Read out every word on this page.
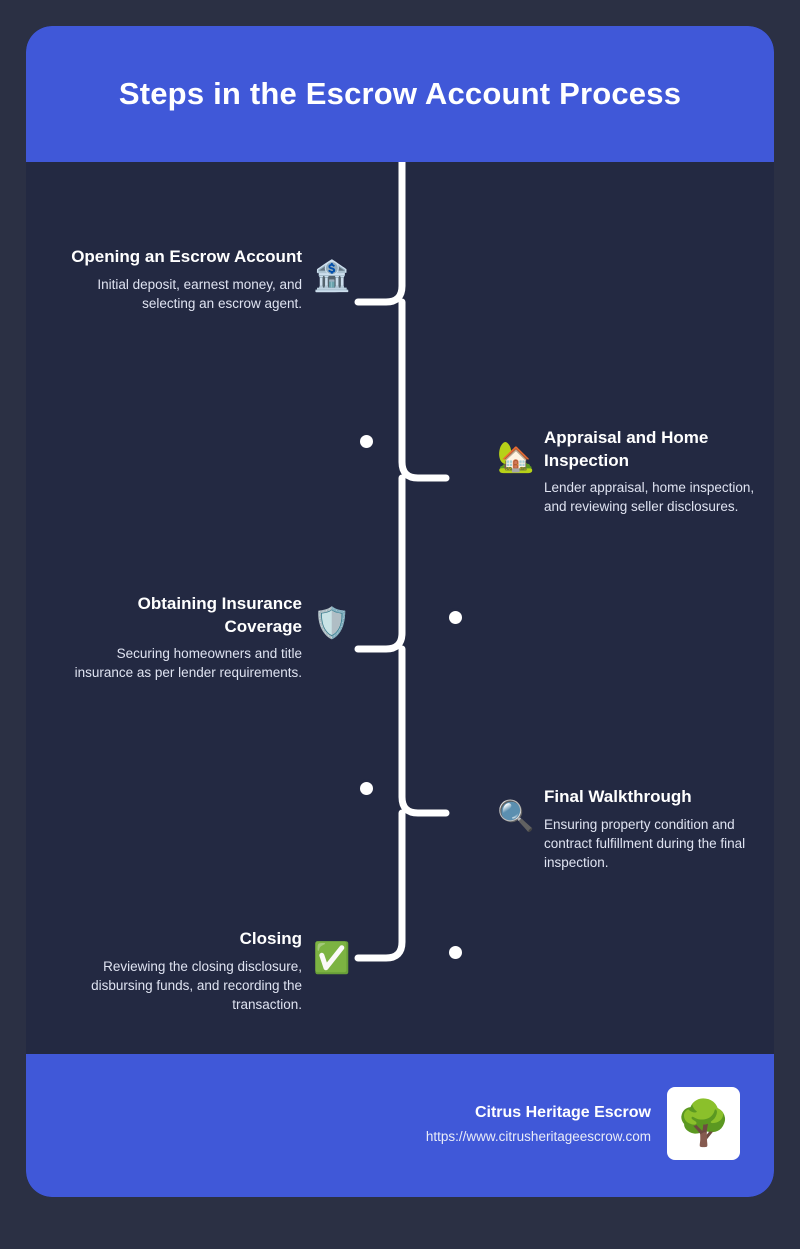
Steps in the Escrow Account Process
Opening an Escrow Account
Initial deposit, earnest money, and selecting an escrow agent.
🏦
🏡
Appraisal and Home Inspection
Lender appraisal, home inspection, and reviewing seller disclosures.
Obtaining Insurance Coverage
Securing homeowners and title insurance as per lender requirements.
🛡️
🔍
Final Walkthrough
Ensuring property condition and contract fulfillment during the final inspection.
Closing
Reviewing the closing disclosure, disbursing funds, and recording the transaction.
✅
Citrus Heritage Escrow
https://www.citrusheritageescrow.com 🌳
